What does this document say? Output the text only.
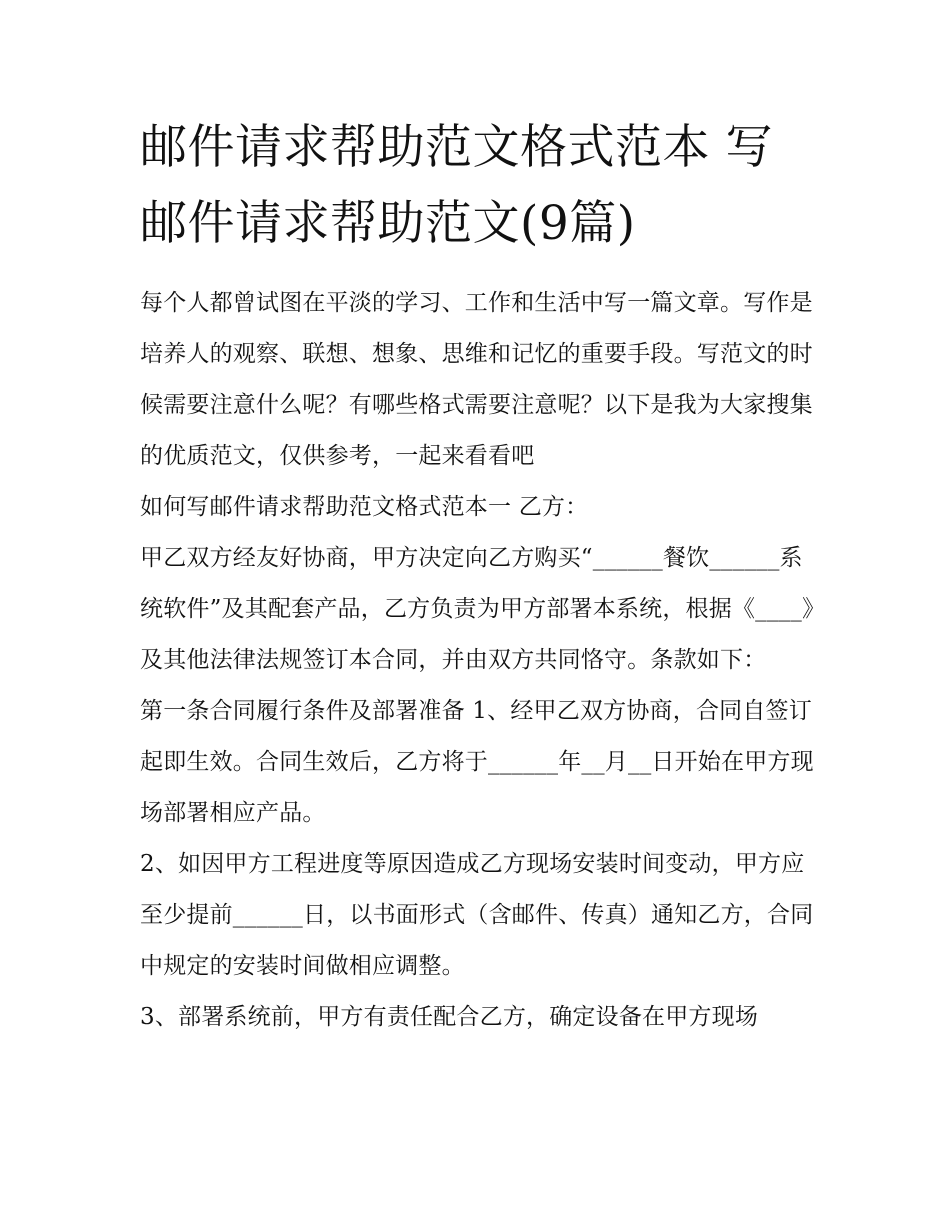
邮件请求帮助范文格式范本 写邮件请求帮助范文(9篇)

每个人都曾试图在平淡的学习、工作和生活中写一篇文章。写作是培养人的观察、联想、想象、思维和记忆的重要手段。写范文的时候需要注意什么呢？有哪些格式需要注意呢？以下是我为大家搜集的优质范文，仅供参考，一起来看看吧

如何写邮件请求帮助范文格式范本一 乙方：

甲乙双方经友好协商，甲方决定向乙方购买“______餐饮______系统软件”及其配套产品，乙方负责为甲方部署本系统，根据《____》及其他法律法规签订本合同，并由双方共同恪守。条款如下：

第一条合同履行条件及部署准备 1、经甲乙双方协商，合同自签订起即生效。合同生效后，乙方将于______年__月__日开始在甲方现场部署相应产品。

2、如因甲方工程进度等原因造成乙方现场安装时间变动，甲方应至少提前______日，以书面形式（含邮件、传真）通知乙方，合同中规定的安装时间做相应调整。

3、部署系统前，甲方有责任配合乙方，确定设备在甲方现场
